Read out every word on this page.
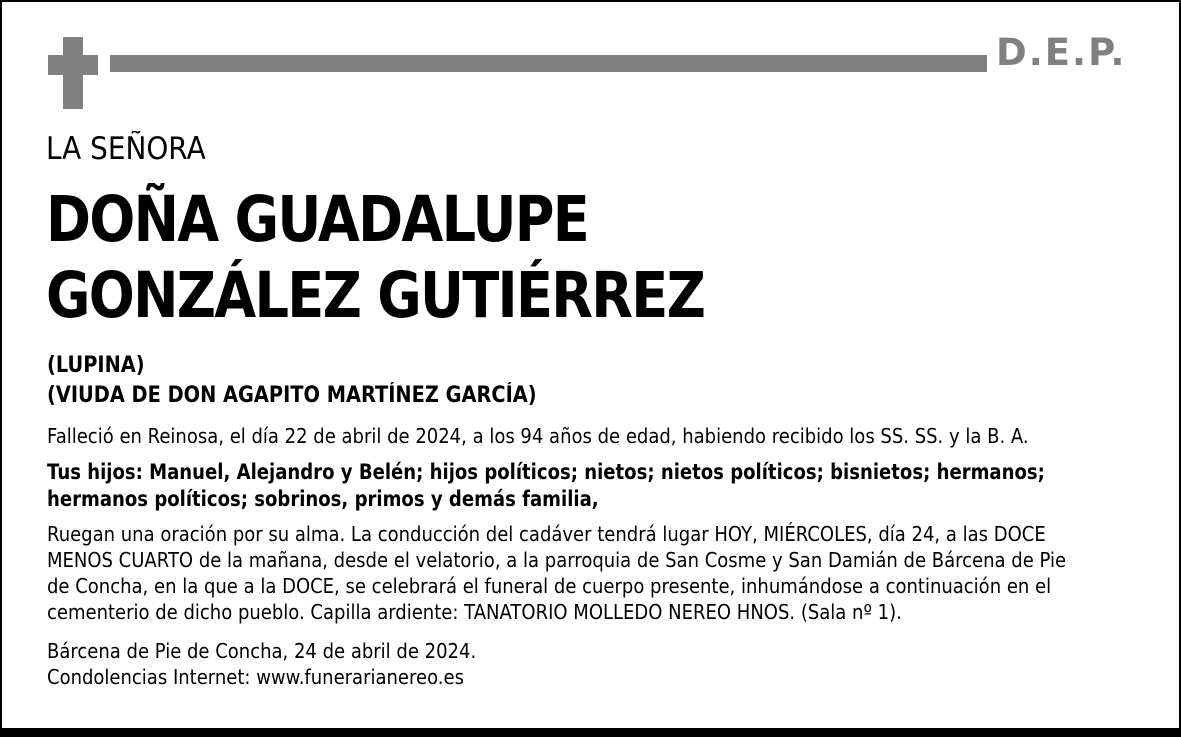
D.E.P.
LA SEÑORA
DOÑA GUADALUPE
GONZÁLEZ GUTIÉRREZ
(LUPINA)
(VIUDA DE DON AGAPITO MARTÍNEZ GARCÍA)
Falleció en Reinosa, el día 22 de abril de 2024, a los 94 años de edad, habiendo recibido los SS. SS. y la B. A.
Tus hijos: Manuel, Alejandro y Belén; hijos políticos; nietos; nietos políticos; bisnietos; hermanos;
hermanos políticos; sobrinos, primos y demás familia,
Ruegan una oración por su alma. La conducción del cadáver tendrá lugar HOY, MIÉRCOLES, día 24, a las DOCE
MENOS CUARTO de la mañana, desde el velatorio, a la parroquia de San Cosme y San Damián de Bárcena de Pie
de Concha, en la que a la DOCE, se celebrará el funeral de cuerpo presente, inhumándose a continuación en el
cementerio de dicho pueblo. Capilla ardiente: TANATORIO MOLLEDO NEREO HNOS. (Sala nº 1).
Bárcena de Pie de Concha, 24 de abril de 2024.
Condolencias Internet: www.funerarianereo.es
